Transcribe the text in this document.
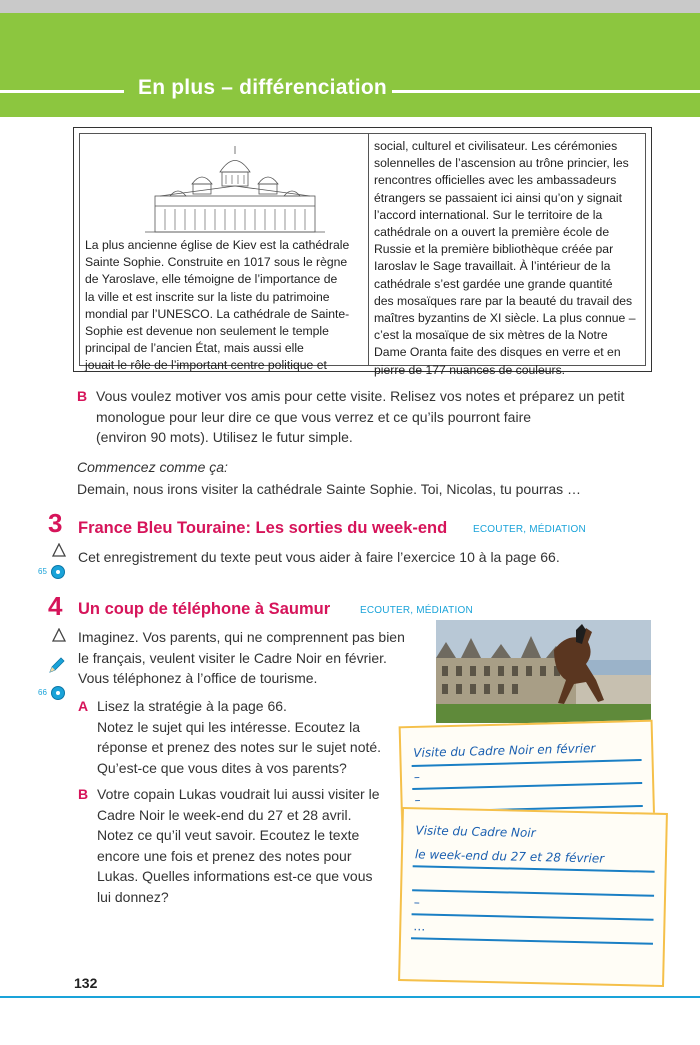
En plus – différenciation
La plus ancienne église de Kiev est la cathédrale
Sainte Sophie. Construite en 1017 sous le règne
de Yaroslave, elle témoigne de l’importance de
la ville et est inscrite sur la liste du patrimoine
mondial par l’UNESCO. La cathédrale de Sainte-
Sophie est devenue non seulement le temple
principal de l’ancien État, mais aussi elle
jouait le rôle de l’important centre politique et
social, culturel et civilisateur. Les cérémonies
solennelles de l’ascension au trône princier, les
rencontres officielles avec les ambassadeurs
étrangers se passaient ici ainsi qu’on y signait
l’accord international. Sur le territoire de la
cathédrale on a ouvert la première école de
Russie et la première bibliothèque créée par
Iaroslav le Sage travaillait. À l’intérieur de la
cathédrale s’est gardée une grande quantité
des mosaïques rare par la beauté du travail des
maîtres byzantins de XI siècle. La plus connue –
c’est la mosaïque de six mètres de la Notre
Dame Oranta faite des disques en verre et en
pierre de 177 nuances de couleurs.
B Vous voulez motiver vos amis pour cette visite. Relisez vos notes et préparez un petit
monologue pour leur dire ce que vous verrez et ce qu’ils pourront faire
(environ 90 mots). Utilisez le futur simple.
Commencez comme ça:
Demain, nous irons visiter la cathédrale Sainte Sophie. Toi, Nicolas, tu pourras …
3 France Bleu Touraine: Les sorties du week-end	ECOUTER, MÉDIATION
65
Cet enregistrement du texte peut vous aider à faire l’exercice 10 à la page 66.
4 Un coup de téléphone à Saumur	ECOUTER, MÉDIATION
66
Imaginez. Vos parents, qui ne comprennent pas bien
le français, veulent visiter le Cadre Noir en février.
Vous téléphonez à l’office de tourisme.
A Lisez la stratégie à la page 66.
Notez le sujet qui les intéresse. Ecoutez la
réponse et prenez des notes sur le sujet noté.
Qu’est-ce que vous dites à vos parents?
B Votre copain Lukas voudrait lui aussi visiter le
Cadre Noir le week-end du 27 et 28 avril.
Notez ce qu’il veut savoir. Ecoutez le texte
encore une fois et prenez des notes pour
Lukas. Quelles informations est-ce que vous
lui donnez?
Visite du Cadre Noir en février
–
–
Visite du Cadre Noir
le week-end du 27 et 28 février
–
…
132
